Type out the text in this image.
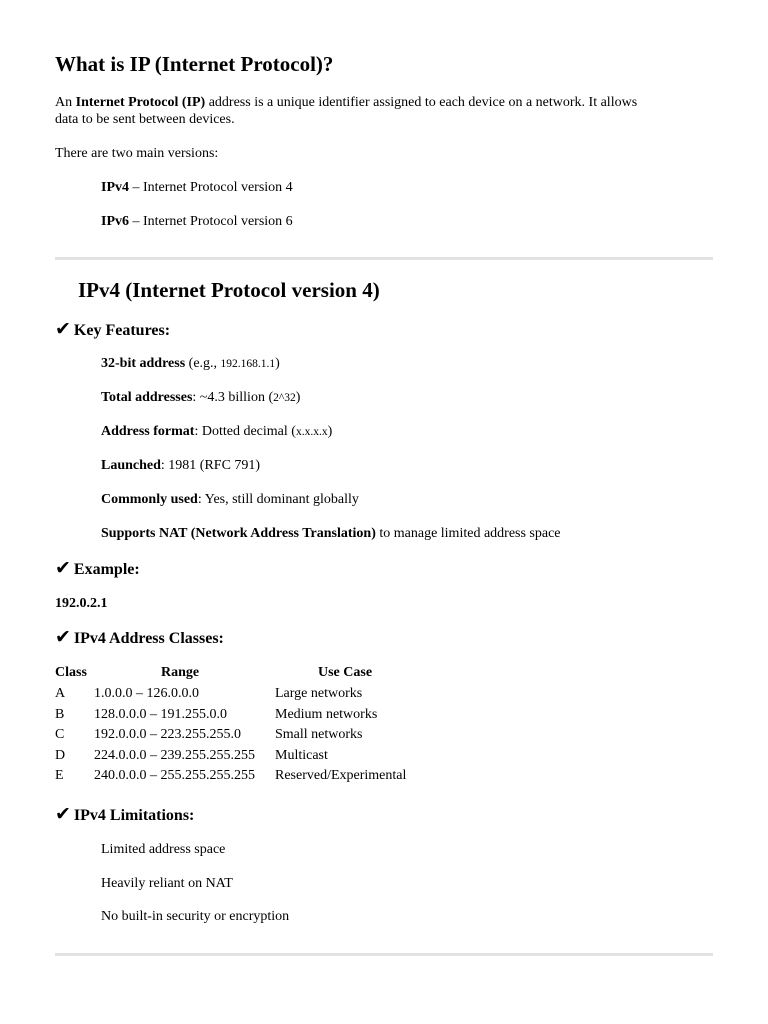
What is IP (Internet Protocol)?

An Internet Protocol (IP) address is a unique identifier assigned to each device on a network. It allows

data to be sent between devices.

There are two main versions:

IPv4 – Internet Protocol version 4

IPv6 – Internet Protocol version 6

IPv4 (Internet Protocol version 4)

✔ Key Features:

32-bit address (e.g., 192.168.1.1)

Total addresses: ~4.3 billion (2^32)

Address format: Dotted decimal (x.x.x.x)

Launched: 1981 (RFC 791)

Commonly used: Yes, still dominant globally

Supports NAT (Network Address Translation) to manage limited address space

✔ Example:

192.0.2.1

✔ IPv4 Address Classes:

Class	Range	Use Case
A 1.0.0.0 – 126.0.0.0	Large networks
B 128.0.0.0 – 191.255.0.0	Medium networks
C 192.0.0.0 – 223.255.255.0 Small networks
D 224.0.0.0 – 239.255.255.255 Multicast
E 240.0.0.0 – 255.255.255.255 Reserved/Experimental

✔ IPv4 Limitations:

Limited address space

Heavily reliant on NAT

No built-in security or encryption
